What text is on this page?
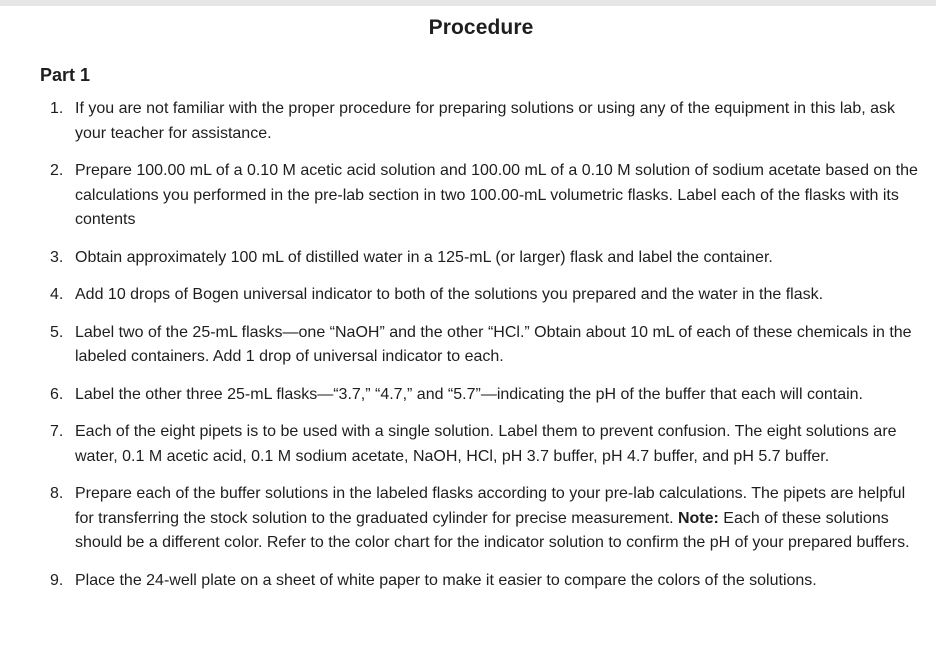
Procedure
Part 1
1. If you are not familiar with the proper procedure for preparing solutions or using any of the equipment in this lab, ask your teacher for assistance.
2. Prepare 100.00 mL of a 0.10 M acetic acid solution and 100.00 mL of a 0.10 M solution of sodium acetate based on the calculations you performed in the pre-lab section in two 100.00-mL volumetric flasks. Label each of the flasks with its contents
3. Obtain approximately 100 mL of distilled water in a 125-mL (or larger) flask and label the container.
4. Add 10 drops of Bogen universal indicator to both of the solutions you prepared and the water in the flask.
5. Label two of the 25-mL flasks—one “NaOH” and the other “HCl.” Obtain about 10 mL of each of these chemicals in the labeled containers. Add 1 drop of universal indicator to each.
6. Label the other three 25-mL flasks—“3.7,” “4.7,” and “5.7”—indicating the pH of the buffer that each will contain.
7. Each of the eight pipets is to be used with a single solution. Label them to prevent confusion. The eight solutions are water, 0.1 M acetic acid, 0.1 M sodium acetate, NaOH, HCl, pH 3.7 buffer, pH 4.7 buffer, and pH 5.7 buffer.
8. Prepare each of the buffer solutions in the labeled flasks according to your pre-lab calculations. The pipets are helpful for transferring the stock solution to the graduated cylinder for precise measurement. Note: Each of these solutions should be a different color. Refer to the color chart for the indicator solution to confirm the pH of your prepared buffers.
9. Place the 24-well plate on a sheet of white paper to make it easier to compare the colors of the solutions.
